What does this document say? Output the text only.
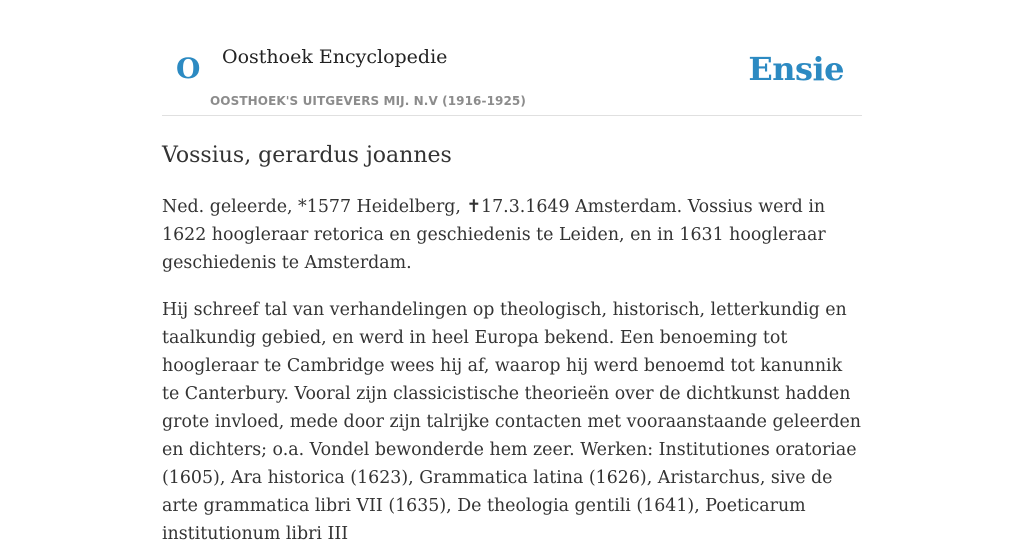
O Oosthoek Encyclopedie
OOSTHOEK'S UITGEVERS MIJ. N.V (1916-1925)
Ensie
Vossius, gerardus joannes

Ned. geleerde, *1577 Heidelberg, ✝17.3.1649 Amsterdam. Vossius werd in 1622 hoogleraar retorica en geschiedenis te Leiden, en in 1631 hoogleraar geschiedenis te Amsterdam.

Hij schreef tal van verhandelingen op theologisch, historisch, letterkundig en taalkundig gebied, en werd in heel Europa bekend. Een benoeming tot hoogleraar te Cambridge wees hij af, waarop hij werd benoemd tot kanunnik te Canterbury. Vooral zijn classicistische theorieën over de dichtkunst hadden grote invloed, mede door zijn talrijke contacten met vooraanstaande geleerden en dichters; o.a. Vondel bewonderde hem zeer. Werken: Institutiones oratoriae (1605), Ara historica (1623), Grammatica latina (1626), Aristarchus, sive de arte grammatica libri VII (1635), De theologia gentili (1641), Poeticarum institutionum libri III
